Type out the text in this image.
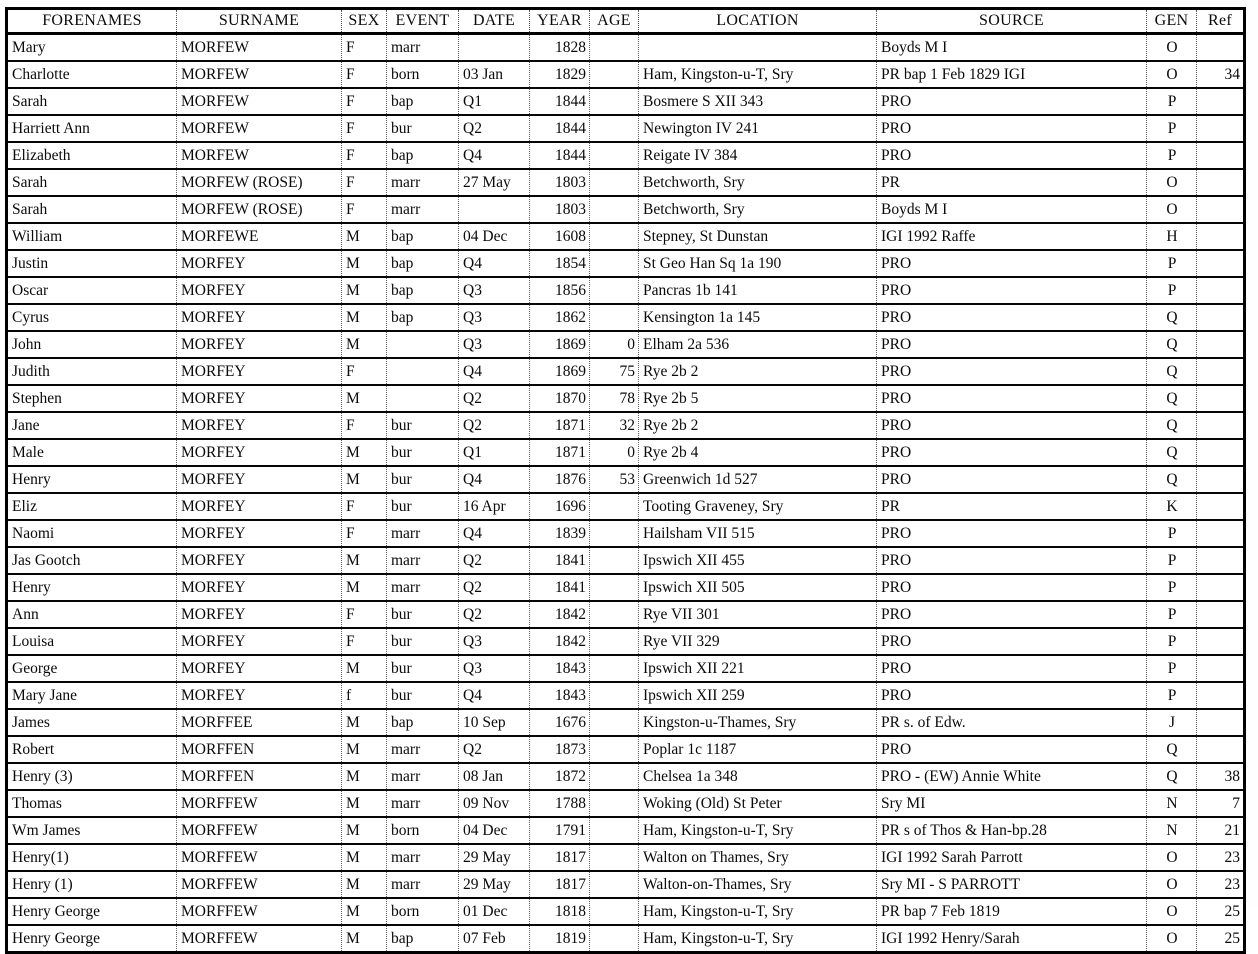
FORENAMES	SURNAME	SEX	EVENT	DATE	YEAR	AGE	LOCATION	SOURCE	GEN	Ref
Mary	MORFEW	F	marr		1828			Boyds M I	O	
Charlotte	MORFEW	F	born	03 Jan	1829		Ham, Kingston-u-T, Sry	PR bap 1 Feb 1829 IGI	O	34
Sarah	MORFEW	F	bap	Q1	1844		Bosmere S XII 343	PRO	P	
Harriett Ann	MORFEW	F	bur	Q2	1844		Newington IV 241	PRO	P	
Elizabeth	MORFEW	F	bap	Q4	1844		Reigate IV 384	PRO	P	
Sarah	MORFEW (ROSE)	F	marr	27 May	1803		Betchworth, Sry	PR	O	
Sarah	MORFEW (ROSE)	F	marr		1803		Betchworth, Sry	Boyds M I	O	
William	MORFEWE	M	bap	04 Dec	1608		Stepney, St Dunstan	IGI 1992 Raffe	H	
Justin	MORFEY	M	bap	Q4	1854		St Geo Han Sq 1a 190	PRO	P	
Oscar	MORFEY	M	bap	Q3	1856		Pancras 1b 141	PRO	P	
Cyrus	MORFEY	M	bap	Q3	1862		Kensington 1a 145	PRO	Q	
John	MORFEY	M		Q3	1869	0	Elham 2a 536	PRO	Q	
Judith	MORFEY	F		Q4	1869	75	Rye 2b 2	PRO	Q	
Stephen	MORFEY	M		Q2	1870	78	Rye 2b 5	PRO	Q	
Jane	MORFEY	F	bur	Q2	1871	32	Rye 2b 2	PRO	Q	
Male	MORFEY	M	bur	Q1	1871	0	Rye 2b 4	PRO	Q	
Henry	MORFEY	M	bur	Q4	1876	53	Greenwich 1d 527	PRO	Q	
Eliz	MORFEY	F	bur	16 Apr	1696		Tooting Graveney, Sry	PR	K	
Naomi	MORFEY	F	marr	Q4	1839		Hailsham VII 515	PRO	P	
Jas Gootch	MORFEY	M	marr	Q2	1841		Ipswich XII 455	PRO	P	
Henry	MORFEY	M	marr	Q2	1841		Ipswich XII 505	PRO	P	
Ann	MORFEY	F	bur	Q2	1842		Rye VII 301	PRO	P	
Louisa	MORFEY	F	bur	Q3	1842		Rye VII 329	PRO	P	
George	MORFEY	M	bur	Q3	1843		Ipswich XII 221	PRO	P	
Mary Jane	MORFEY	f	bur	Q4	1843		Ipswich XII 259	PRO	P	
James	MORFFEE	M	bap	10 Sep	1676		Kingston-u-Thames, Sry	PR s. of Edw.	J	
Robert	MORFFEN	M	marr	Q2	1873		Poplar 1c 1187	PRO	Q	
Henry (3)	MORFFEN	M	marr	08 Jan	1872		Chelsea 1a 348	PRO - (EW) Annie White	Q	38
Thomas	MORFFEW	M	marr	09 Nov	1788		Woking (Old) St Peter	Sry MI	N	7
Wm James	MORFFEW	M	born	04 Dec	1791		Ham, Kingston-u-T, Sry	PR s of Thos & Han-bp.28	N	21
Henry(1)	MORFFEW	M	marr	29 May	1817		Walton on Thames, Sry	IGI 1992 Sarah Parrott	O	23
Henry (1)	MORFFEW	M	marr	29 May	1817		Walton-on-Thames, Sry	Sry MI - S PARROTT	O	23
Henry George	MORFFEW	M	born	01 Dec	1818		Ham, Kingston-u-T, Sry	PR bap 7 Feb 1819	O	25
Henry George	MORFFEW	M	bap	07 Feb	1819		Ham, Kingston-u-T, Sry	IGI 1992 Henry/Sarah	O	25
